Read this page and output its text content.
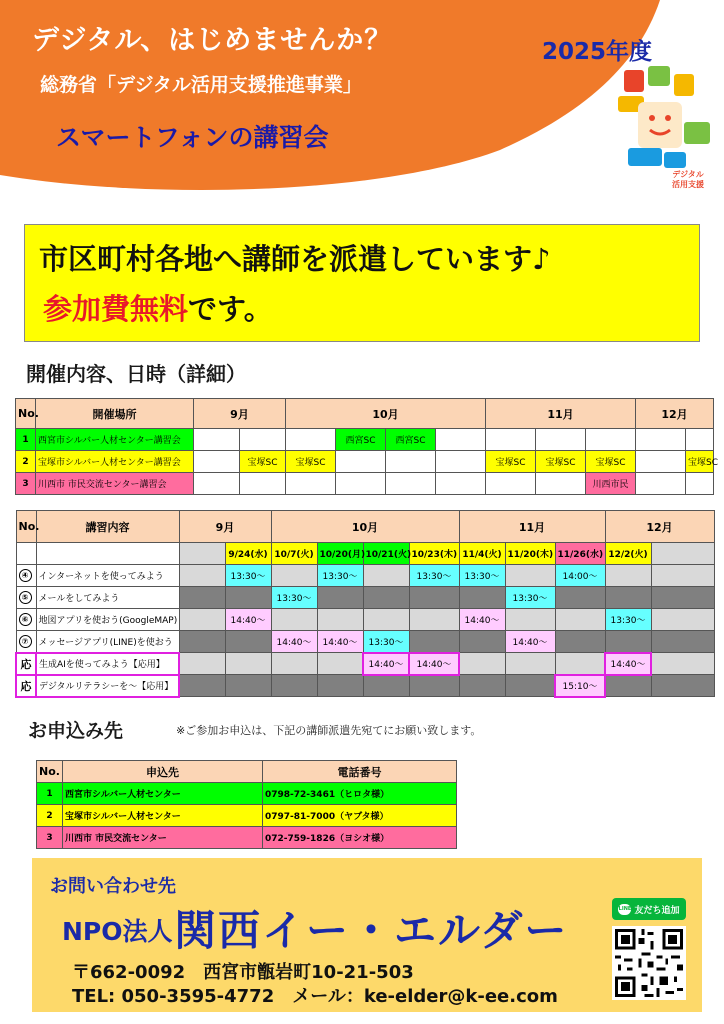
デジタル、はじめませんか？
総務省「デジタル活用支援推進事業」
スマートフォンの講習会
2025年度
デジタル
活用支援
市区町村各地へ講師を派遣しています♪
参加費無料です。
開催内容、日時（詳細）
No.	開催場所	9月		10月				11月			12月	
1	西宮市シルバー人材センター講習会				西宮SC	西宮SC						
2	宝塚市シルバー人材センター講習会		宝塚SC	宝塚SC				宝塚SC	宝塚SC	宝塚SC		宝塚SC
3	川西市 市民交流センター講習会									川西市民		
No.	講習内容	9月		10月				11月			12月	
			9/24(水)	10/7(火)	10/20(月)	10/21(火)	10/23(木)	11/4(火)	11/20(木)	11/26(水)	12/2(火)	
④	インターネットを使ってみよう		13:30～		13:30～		13:30～	13:30～		14:00～		
⑤	メールをしてみよう			13:30～					13:30～			
⑥	地図アプリを使おう(GoogleMAP)		14:40～					14:40～			13:30～	
⑦	メッセージアプリ(LINE)を使おう			14:40～	14:40～	13:30～			14:40～			
応	生成AIを使ってみよう【応用】					14:40～	14:40～				14:40～	
応	デジタルリテラシーを～【応用】									15:10～		
お申込み先	※ご参加お申込は、下記の講師派遣先宛てにお願い致します。
No.	申込先	電話番号
1	西宮市シルバー人材センター	0798-72-3461（ヒロタ様）
2	宝塚市シルバー人材センター	0797-81-7000（ヤブタ様）
3	川西市 市民交流センター	072-759-1826（ヨシオ様）
お問い合わせ先
NPO法人 関西イー・エルダー
〒662-0092　西宮市甑岩町10-21-503
TEL: 050-3595-4772　メール：ke-elder@k-ee.com
LINE 友だち追加
